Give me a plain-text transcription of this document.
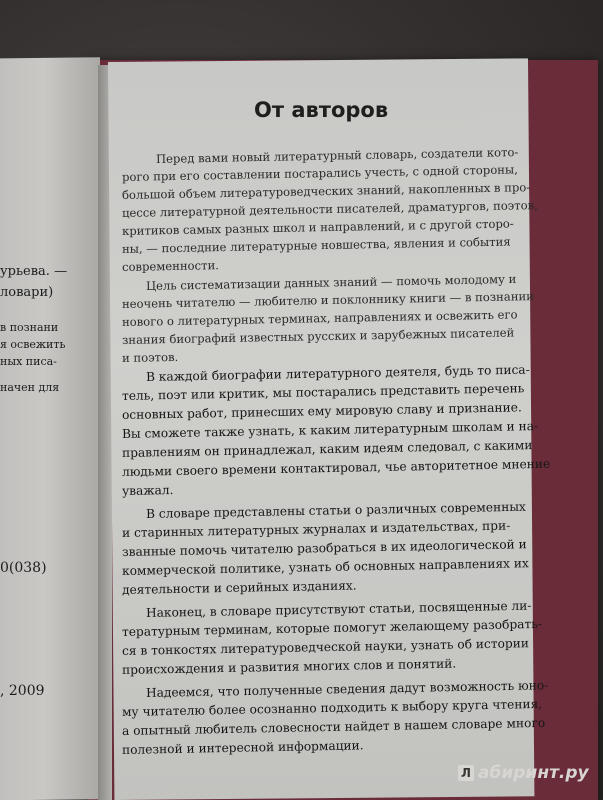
урьева. —
ловари)
в познани
я освежить
ных писа-
начен для
0(038)
, 2009
От авторов
Перед вами новый литературный словарь, создатели кото-
рого при его составлении постарались учесть, с одной стороны,
большой объем литературоведческих знаний, накопленных в про-
цессе литературной деятельности писателей, драматургов, поэтов,
критиков самых разных школ и направлений, и с другой сторо-
ны, — последние литературные новшества, явления и события
современности.
Цель систематизации данных знаний — помочь молодому и
неочень читателю — любителю и поклоннику книги — в познании
нового о литературных терминах, направлениях и освежить его
знания биографий известных русских и зарубежных писателей
и поэтов.
В каждой биографии литературного деятеля, будь то писа-
тель, поэт или критик, мы постарались представить перечень
основных работ, принесших ему мировую славу и признание.
Вы сможете также узнать, к каким литературным школам и на-
правлениям он принадлежал, каким идеям следовал, с какими
людьми своего времени контактировал, чье авторитетное мнение
уважал.
В словаре представлены статьи о различных современных
и старинных литературных журналах и издательствах, при-
званные помочь читателю разобраться в их идеологической и
коммерческой политике, узнать об основных направлениях их
деятельности и серийных изданиях.
Наконец, в словаре присутствуют статьи, посвященные ли-
тературным терминам, которые помогут желающему разобрать-
ся в тонкостях литературоведческой науки, узнать об истории
происхождения и развития многих слов и понятий.
Надеемся, что полученные сведения дадут возможность юно-
му читателю более осознанно подходить к выбору круга чтения,
а опытный любитель словесности найдет в нашем словаре много
полезной и интересной информации.
Л абиринт.ру
